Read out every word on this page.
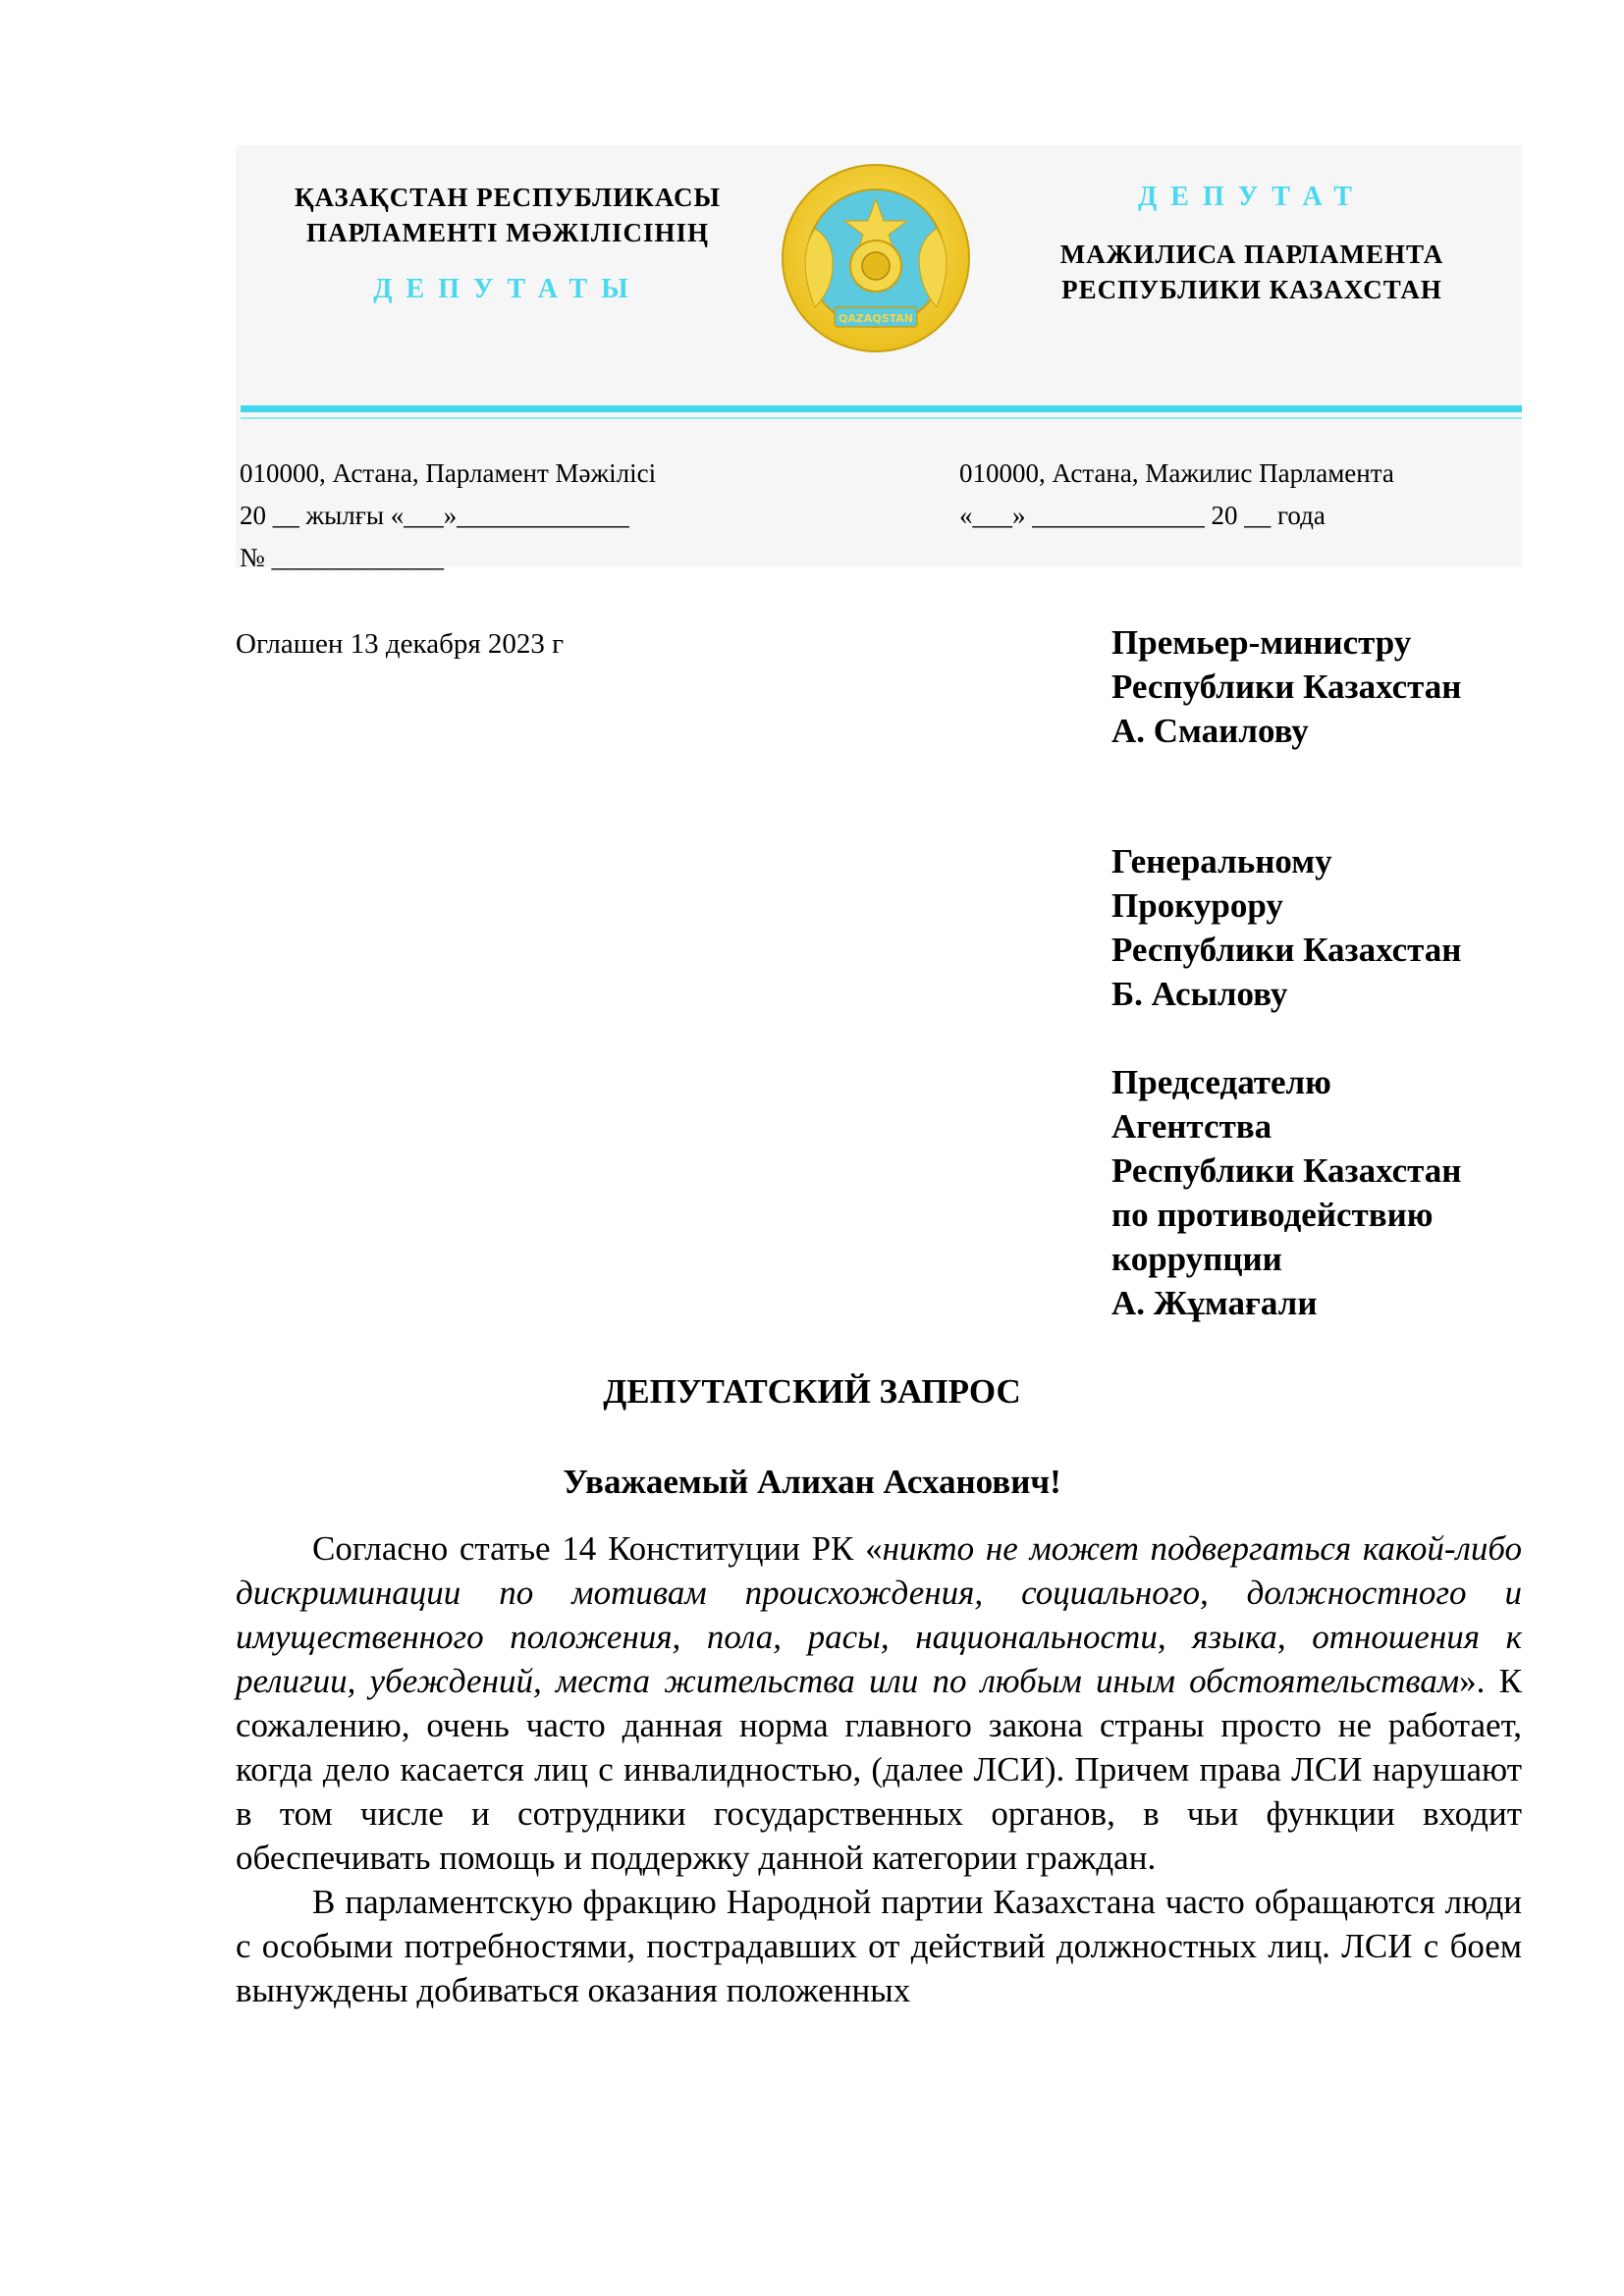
ҚАЗАҚСТАН РЕСПУБЛИКАСЫ
ПАРЛАМЕНТІ МӘЖІЛІСІНІҢ
ДЕПУТАТЫ
QAZAQSTAN
ДЕПУТАТ
МАЖИЛИСА ПАРЛАМЕНТА
РЕСПУБЛИКИ КАЗАХСТАН
010000, Астана, Парламент Мәжілісі
20 __ жылғы «___»_____________
№ _____________
010000, Астана, Мажилис Парламента
«___» _____________ 20 __ года
Оглашен 13 декабря 2023 г	Премьер-министру
Республики Казахстан
А. Смаилову
Генеральному
Прокурору
Республики Казахстан
Б. Асылову
Председателю
Агентства
Республики Казахстан
по противодействию
коррупции
А. Жұмағали
ДЕПУТАТСКИЙ ЗАПРОС
Уважаемый Алихан Асханович!

Согласно статье 14 Конституции РК «никто не может подвергаться какой-либо дискриминации по мотивам происхождения, социального, должностного и имущественного положения, пола, расы, национальности, языка, отношения к религии, убеждений, места жительства или по любым иным обстоятельствам». К сожалению, очень часто данная норма главного закона страны просто не работает, когда дело касается лиц с инвалидностью, (далее ЛСИ). Причем права ЛСИ нарушают в том числе и сотрудники государственных органов, в чьи функции входит обеспечивать помощь и поддержку данной категории граждан.

В парламентскую фракцию Народной партии Казахстана часто обращаются люди с особыми потребностями, пострадавших от действий должностных лиц. ЛСИ с боем вынуждены добиваться оказания положенных
